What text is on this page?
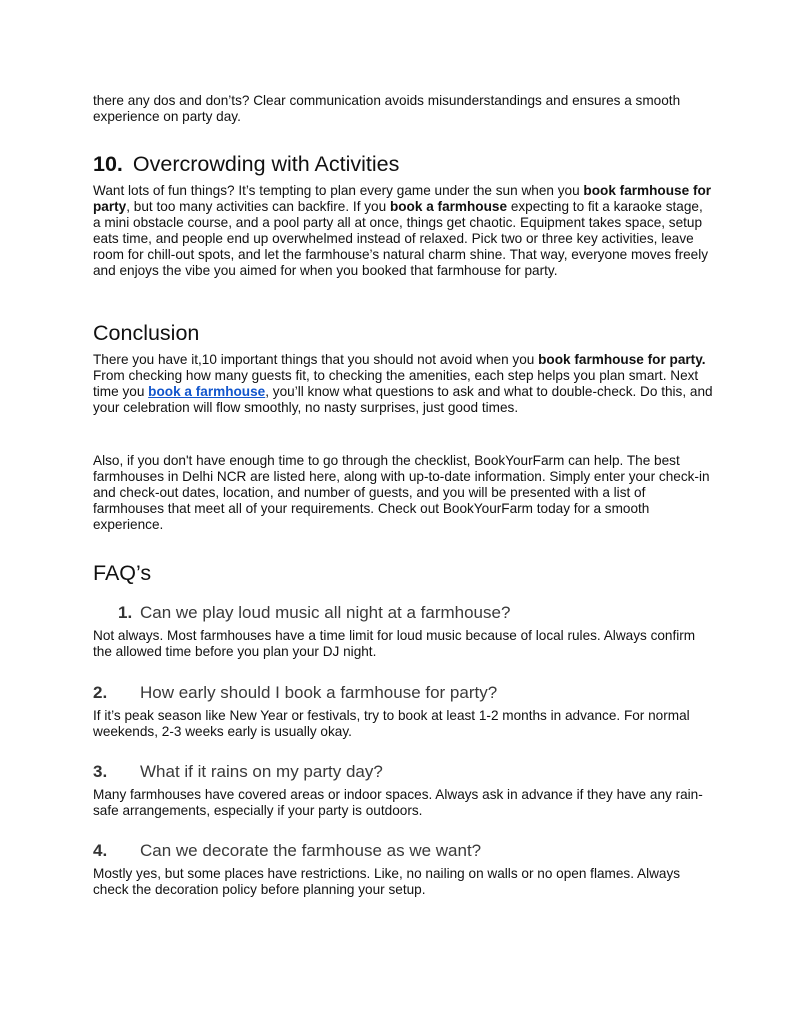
there any dos and don’ts? Clear communication avoids misunderstandings and ensures a smooth experience on party day.

10. Overcrowding with Activities

Want lots of fun things? It’s tempting to plan every game under the sun when you book farmhouse for party, but too many activities can backfire. If you book a farmhouse expecting to fit a karaoke stage, a mini obstacle course, and a pool party all at once, things get chaotic. Equipment takes space, setup eats time, and people end up overwhelmed instead of relaxed. Pick two or three key activities, leave room for chill-out spots, and let the farmhouse’s natural charm shine. That way, everyone moves freely and enjoys the vibe you aimed for when you booked that farmhouse for party.

Conclusion

There you have it,10 important things that you should not avoid when you book farmhouse for party. From checking how many guests fit, to checking the amenities, each step helps you plan smart. Next time you book a farmhouse, you’ll know what questions to ask and what to double-check. Do this, and your celebration will flow smoothly, no nasty surprises, just good times.

Also, if you don't have enough time to go through the checklist, BookYourFarm can help. The best farmhouses in Delhi NCR are listed here, along with up-to-date information. Simply enter your check-in and check-out dates, location, and number of guests, and you will be presented with a list of farmhouses that meet all of your requirements. Check out BookYourFarm today for a smooth experience.

FAQ’s
1. Can we play loud music all night at a farmhouse?

Not always. Most farmhouses have a time limit for loud music because of local rules. Always confirm the allowed time before you plan your DJ night.

2. How early should I book a farmhouse for party?

If it’s peak season like New Year or festivals, try to book at least 1-2 months in advance. For normal weekends, 2-3 weeks early is usually okay.

3. What if it rains on my party day?

Many farmhouses have covered areas or indoor spaces. Always ask in advance if they have any rain-safe arrangements, especially if your party is outdoors.

4. Can we decorate the farmhouse as we want?

Mostly yes, but some places have restrictions. Like, no nailing on walls or no open flames. Always check the decoration policy before planning your setup.
